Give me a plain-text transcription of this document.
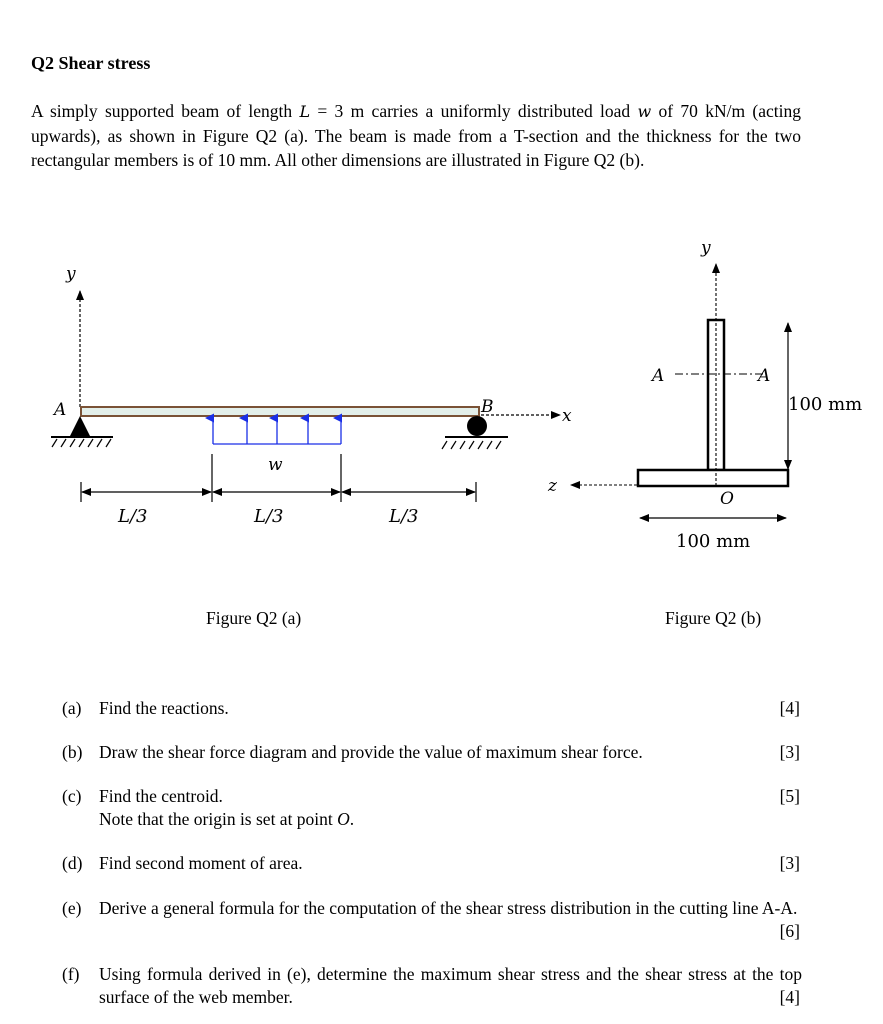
Q2 Shear stress
A simply supported beam of length L = 3 m carries a uniformly distributed load w of 70 kN/m (acting upwards), as shown in Figure Q2 (a). The beam is made from a T-section and the thickness for the two rectangular members is of 10 mm. All other dimensions are illustrated in Figure Q2 (b).
y
A	B	x
w
L/3	L/3	L/3
y
z
O
A	A
100 mm
100 mm
Figure Q2 (a)	Figure Q2 (b)
(a) Find the reactions.	[4]
(b) Draw the shear force diagram and provide the value of maximum shear force.	[3]
(c) Find the centroid.
Note that the origin is set at point O.
[5]
(d) Find second moment of area.	[3]
(e) Derive a general formula for the computation of the shear stress distribution in the cutting line A-A.
[6]
(f) Using formula derived in (e), determine the maximum shear stress and the shear stress at the top surface of the web member.	[4]
